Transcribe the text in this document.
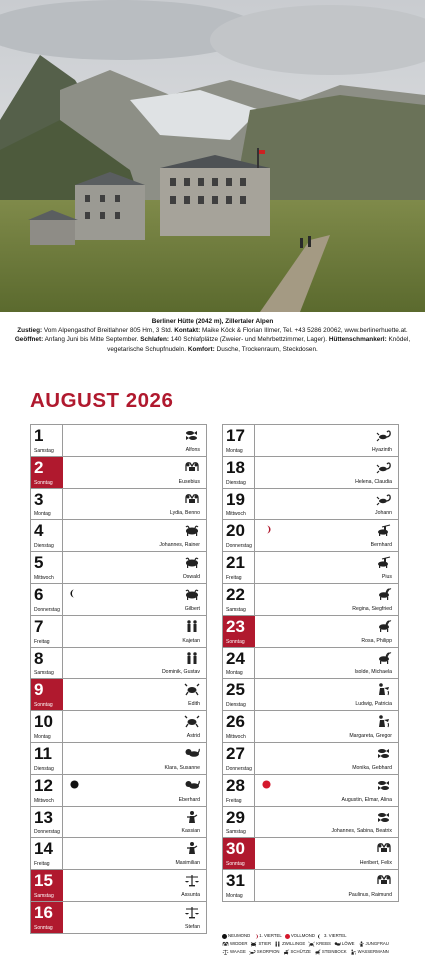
Berliner Hütte (2042 m), Zillertaler Alpen
Zustieg: Vom Alpengasthof Breitlahner 805 Hm, 3 Std. Kontakt: Maike Köck & Florian Illmer, Tel. +43 5286 20062, www.berlinerhuette.at. Geöffnet: Anfang Juni bis Mitte September. Schlafen: 140 Schlafplätze (Zweier- und Mehrbettzimmer, Lager). Hüttenschmankerl: Knödel, vegetarische Schupfnudeln. Komfort: Dusche, Trockenraum, Steckdosen.
AUGUST 2026
1
Samstag	Alfons
2
Sonntag	Eusebius
3
Montag	Lydia, Benno
4
Dienstag	Johannes, Rainer
5
Mittwoch	Oswald
6
Donnerstag	Gilbert
7
Freitag	Kajetan
8
Samstag	Dominik, Gustav
9
Sonntag	Edith
10
Montag	Astrid
11
Dienstag	Klara, Susanne
12
Mittwoch	Eberhard
13
Donnerstag	Kassian
14
Freitag	Maximilian
15
Samstag	Assunta
16
Sonntag	Stefan
17
Montag	Hyazinth
18
Dienstag	Helena, Claudia
19
Mittwoch	Johann
20
Donnerstag	Bernhard
21
Freitag	Pius
22
Samstag	Regina, Siegfried
23
Sonntag	Rosa, Philipp
24
Montag	Isolde, Michaela
25
Dienstag	Ludwig, Patricia
26
Mittwoch	Margareta, Gregor
27
Donnerstag	Monika, Gebhard
28
Freitag	Augustin, Elmar, Alina
29
Samstag	Johannes, Sabina, Beatrix
30
Sonntag	Heribert, Felix
31
Montag	Paulinus, Raimund
NEUMOND 1. VIERTEL VOLLMOND 3. VIERTEL
WIDDER	STIER	ZWILLINGE	KREBS	LÖWE	JUNGFRAU
WAAGE	SKORPION	SCHÜTZE	STEINBOCK	WASSERMANN
